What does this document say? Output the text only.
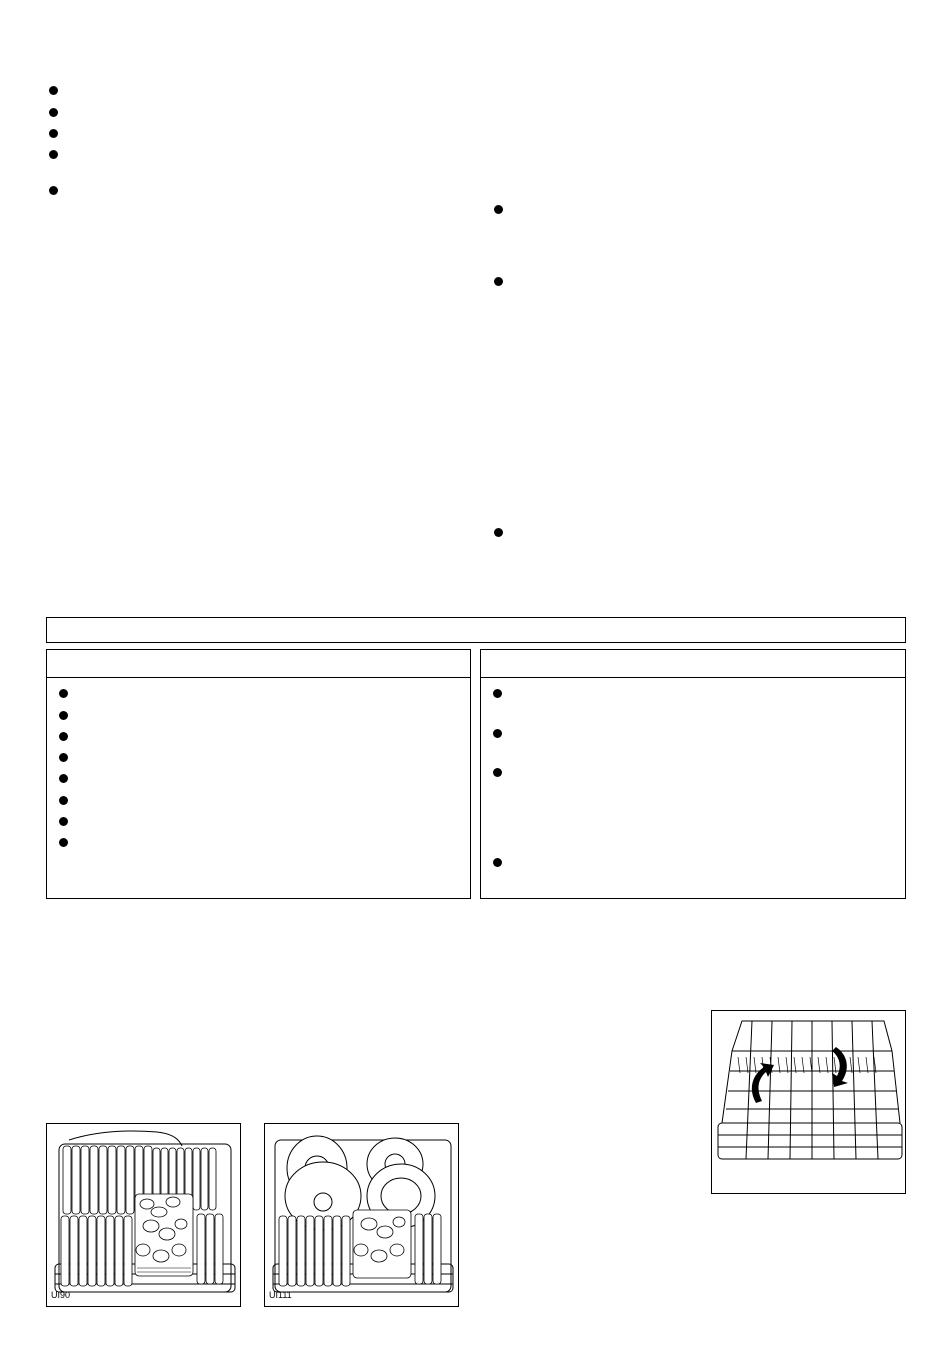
UI90	UI111
